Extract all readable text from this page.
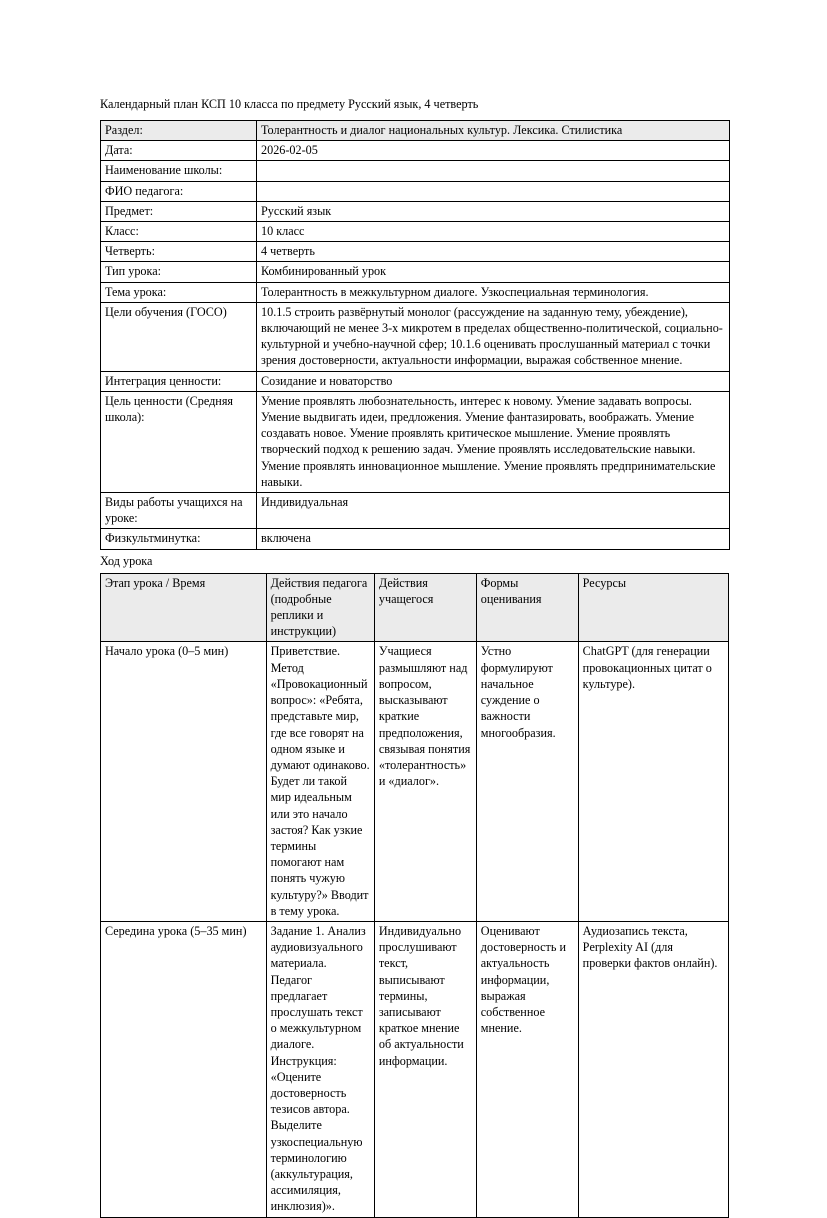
Календарный план КСП 10 класса по предмету Русский язык, 4 четверть
Раздел:	Толерантность и диалог национальных культур. Лексика. Стилистика
Дата:	2026-02-05
Наименование школы:	
ФИО педагога:	
Предмет:	Русский язык
Класс:	10 класс
Четверть:	4 четверть
Тип урока:	Комбинированный урок
Тема урока:	Толерантность в межкультурном диалоге. Узкоспециальная терминология.
Цели обучения (ГОСО)	10.1.5 строить развёрнутый монолог (рассуждение на заданную тему, убеждение), включающий не менее 3-х микротем в пределах общественно-политической, социально-культурной и учебно-научной сфер; 10.1.6 оценивать прослушанный материал с точки зрения достоверности, актуальности информации, выражая собственное мнение.
Интеграция ценности:	Созидание и новаторство
Цель ценности (Средняя школа):	Умение проявлять любознательность, интерес к новому. Умение задавать вопросы. Умение выдвигать идеи, предложения. Умение фантазировать, воображать. Умение создавать новое. Умение проявлять критическое мышление. Умение проявлять творческий подход к решению задач. Умение проявлять исследовательские навыки. Умение проявлять инновационное мышление. Умение проявлять предпринимательские навыки.
Виды работы учащихся на уроке:	Индивидуальная
Физкультминутка:	включена
Ход урока
Этап урока / Время	Действия педагога (подробные реплики и инструкции)	Действия учащегося	Формы оценивания	Ресурсы
Начало урока (0–5 мин)	Приветствие. Метод «Провокационный вопрос»: «Ребята, представьте мир, где все говорят на одном языке и думают одинаково. Будет ли такой мир идеальным или это начало застоя? Как узкие термины помогают нам понять чужую культуру?» Вводит в тему урока.	Учащиеся размышляют над вопросом, высказывают краткие предположения, связывая понятия «толерантность» и «диалог».	Устно формулируют начальное суждение о важности многообразия.	ChatGPT (для генерации провокационных цитат о культуре).
Середина урока (5–35 мин)	Задание 1. Анализ аудиовизуального материала. Педагог предлагает прослушать текст о межкультурном диалоге. Инструкция: «Оцените достоверность тезисов автора. Выделите узкоспециальную терминологию (аккультурация, ассимиляция, инклюзия)».	Индивидуально прослушивают текст, выписывают термины, записывают краткое мнение об актуальности информации.	Оценивают достоверность и актуальность информации, выражая собственное мнение.	Аудиозапись текста, Perplexity AI (для проверки фактов онлайн).
